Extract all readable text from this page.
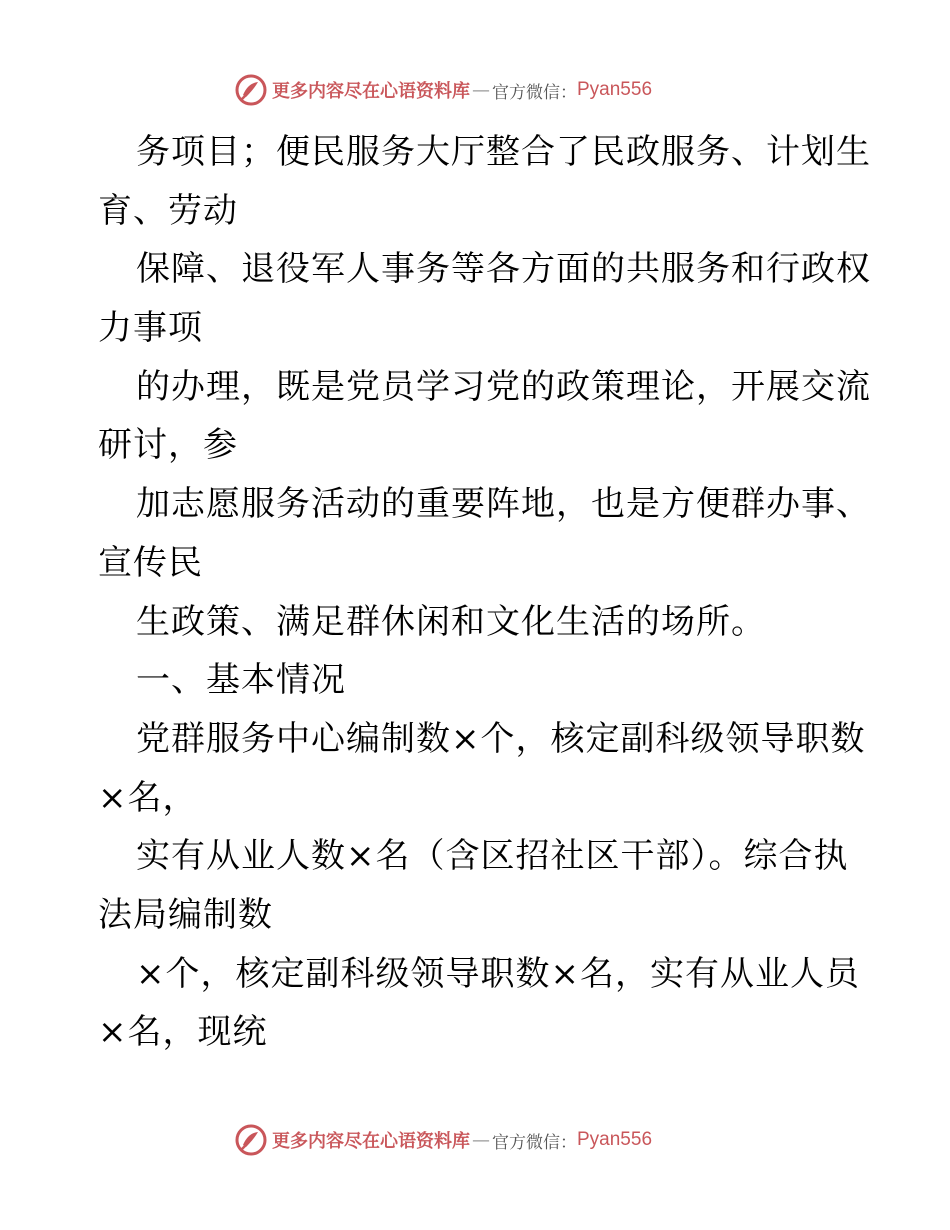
更多内容尽在心语资料库 — 官方微信： Pyan556
务项目；便民服务大厅整合了民政服务、计划生
育、劳动
保障、退役军人事务等各方面的共服务和行政权
力事项
的办理，既是党员学习党的政策理论，开展交流
研讨，参
加志愿服务活动的重要阵地，也是方便群办事、
宣传民
生政策、满足群休闲和文化生活的场所。
一、基本情况
党群服务中心编制数×个，核定副科级领导职数
×名，
实有从业人数×名（含区招社区干部）。综合执
法局编制数
×个，核定副科级领导职数×名，实有从业人员
×名，现统
更多内容尽在心语资料库 — 官方微信： Pyan556
